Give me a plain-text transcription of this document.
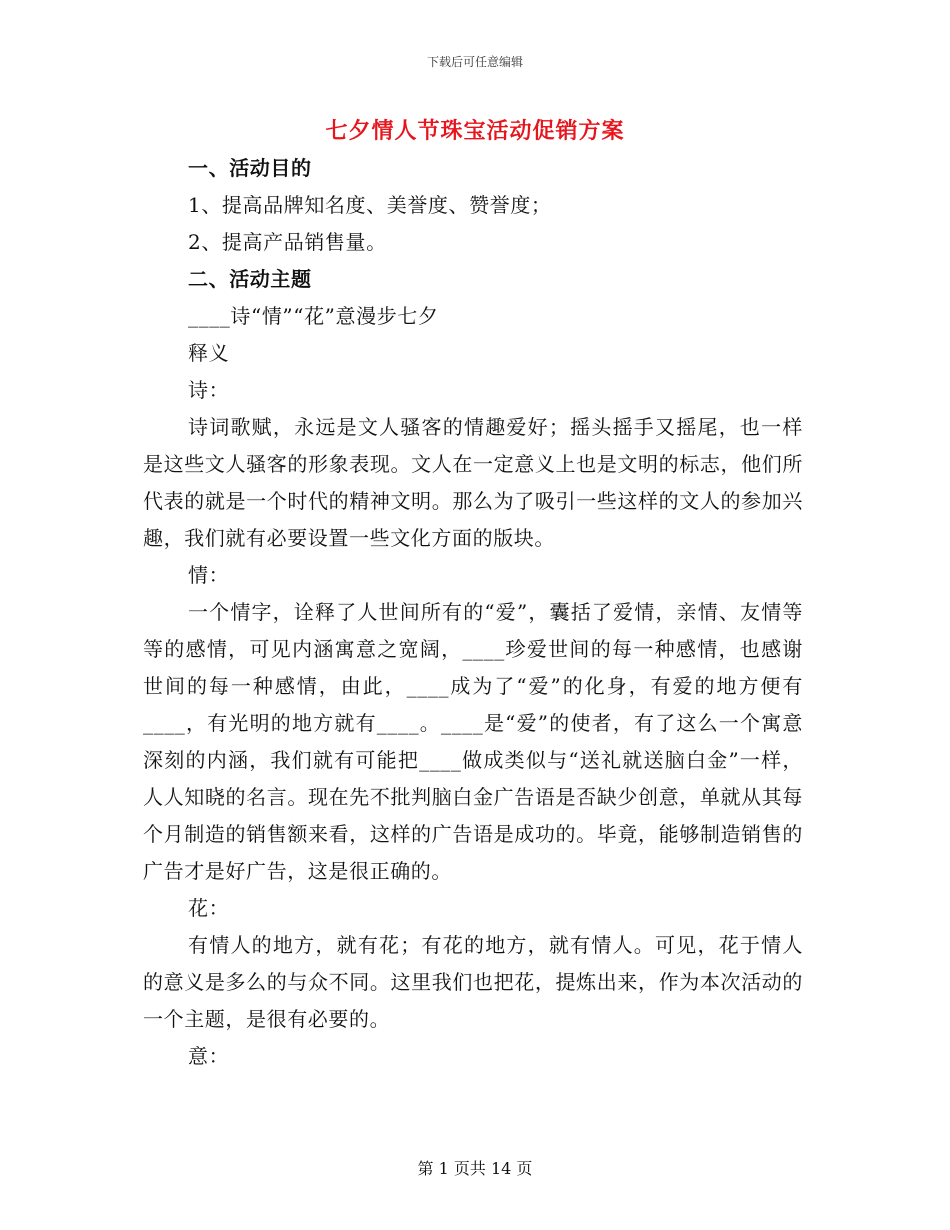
下载后可任意编辑
七夕情人节珠宝活动促销方案
一、活动目的
1、提高品牌知名度、美誉度、赞誉度；
2、提高产品销售量。
二、活动主题
____诗“情”“花”意漫步七夕
释义
诗：
诗词歌赋，永远是文人骚客的情趣爱好；摇头摇手又摇尾，也一样是这些文人骚客的形象表现。文人在一定意义上也是文明的标志，他们所代表的就是一个时代的精神文明。那么为了吸引一些这样的文人的参加兴趣，我们就有必要设置一些文化方面的版块。
情：
一个情字，诠释了人世间所有的“爱”，囊括了爱情，亲情、友情等等的感情，可见内涵寓意之宽阔，____珍爱世间的每一种感情，也感谢世间的每一种感情，由此，____成为了“爱”的化身，有爱的地方便有____，有光明的地方就有____。____是“爱”的使者，有了这么一个寓意深刻的内涵，我们就有可能把____做成类似与“送礼就送脑白金”一样，人人知晓的名言。现在先不批判脑白金广告语是否缺少创意，单就从其每个月制造的销售额来看，这样的广告语是成功的。毕竟，能够制造销售的广告才是好广告，这是很正确的。
花：
有情人的地方，就有花；有花的地方，就有情人。可见，花于情人的意义是多么的与众不同。这里我们也把花，提炼出来，作为本次活动的一个主题，是很有必要的。
意：
第 1 页共 14 页
